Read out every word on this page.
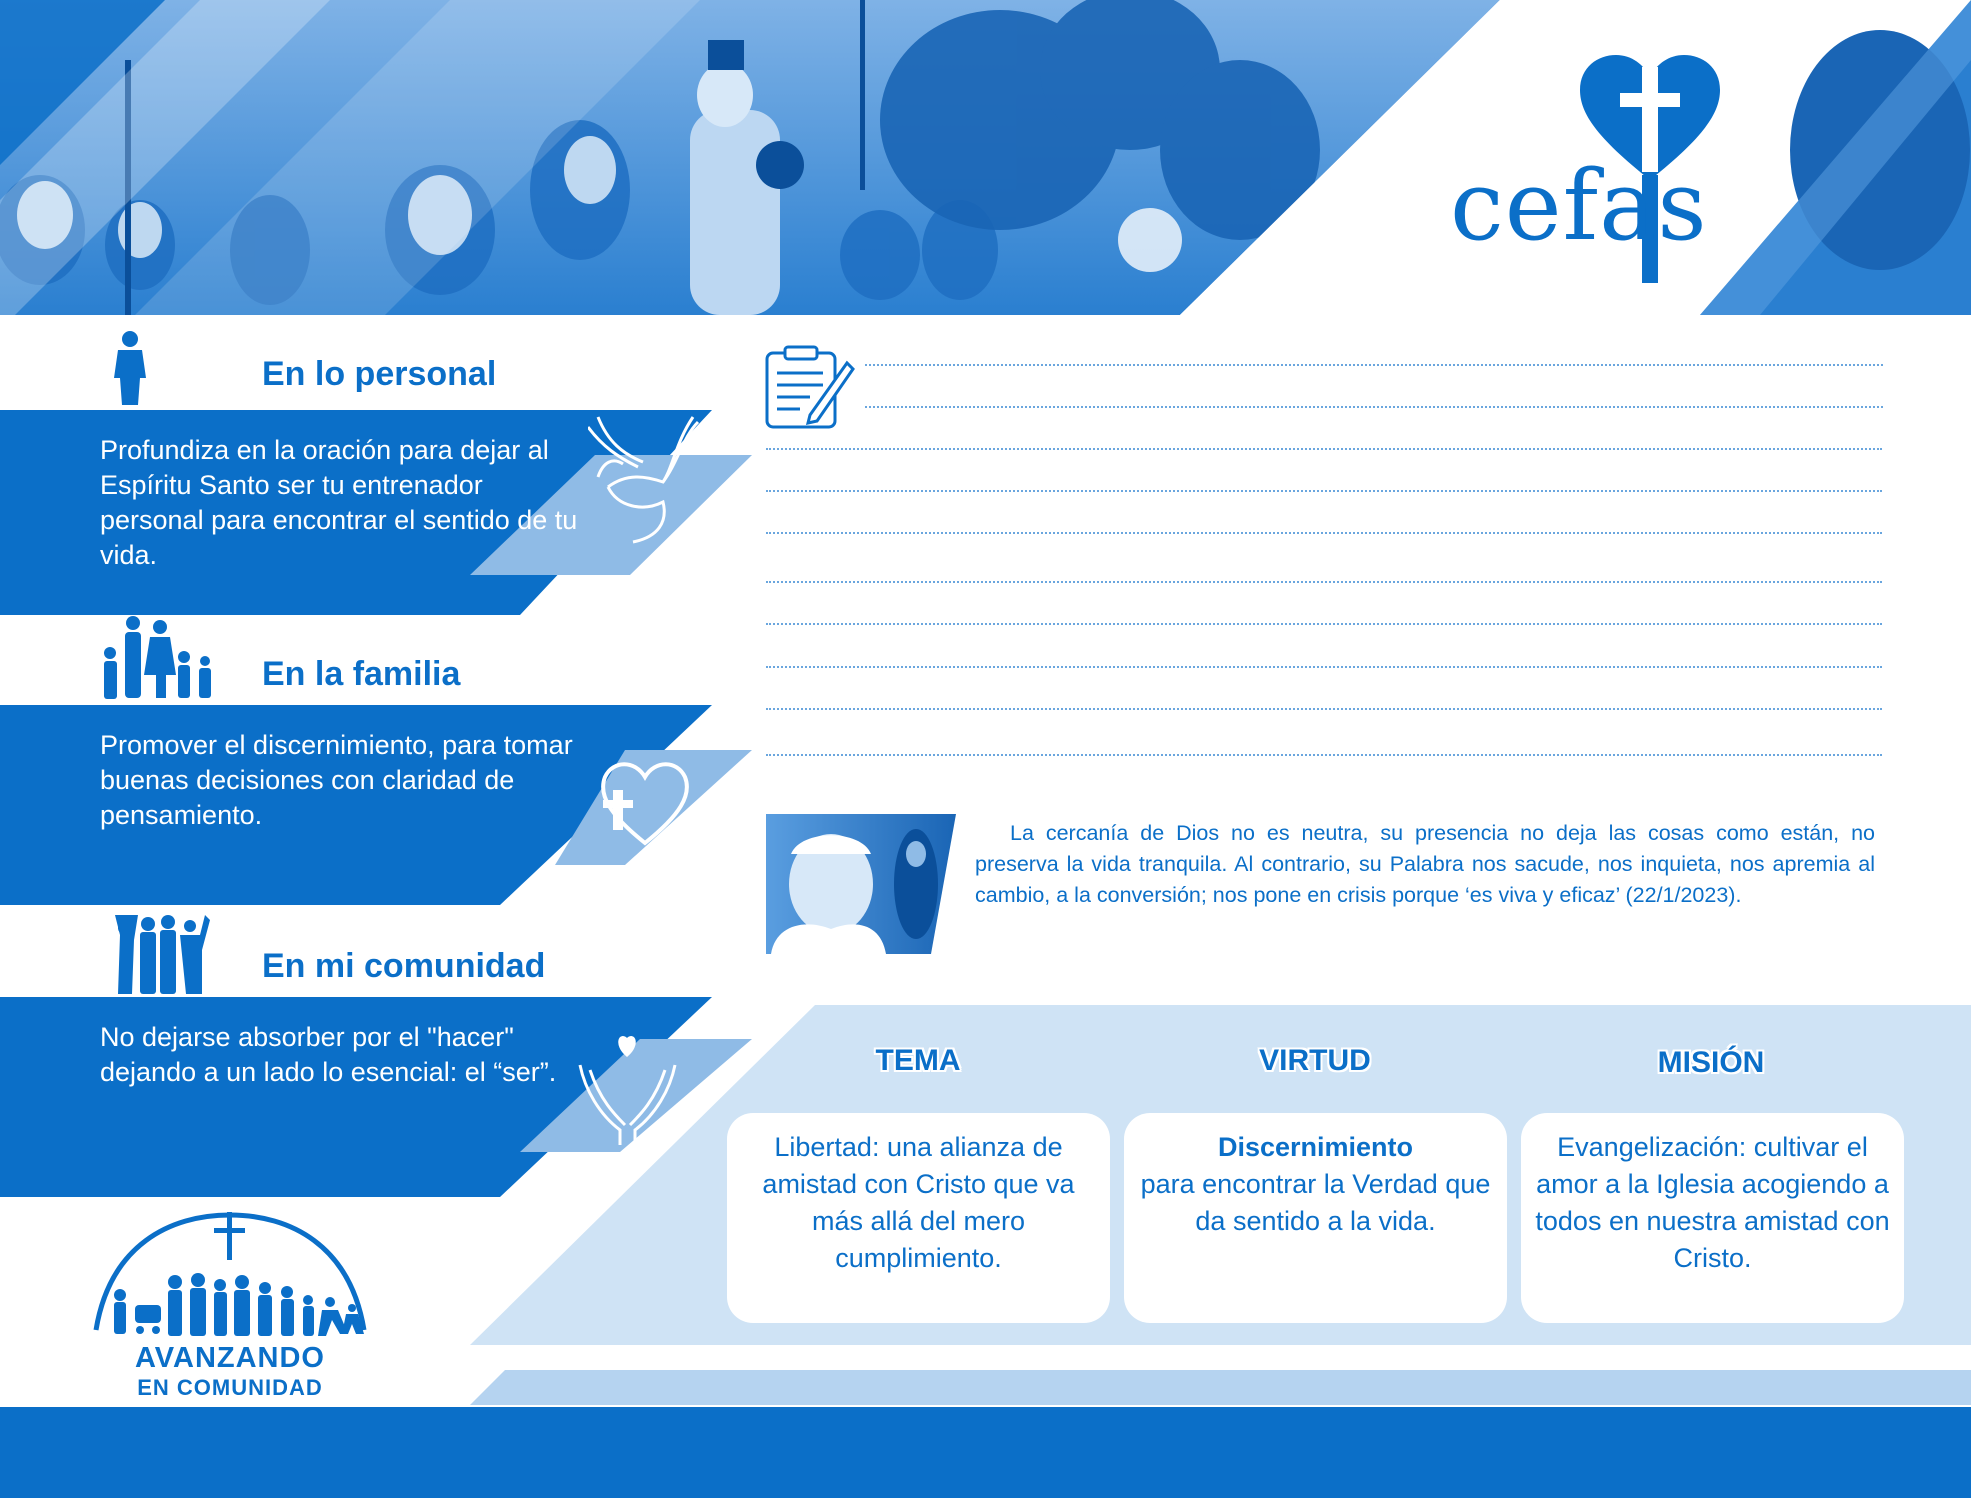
cefas
En lo personal
Profundiza en la oración para dejar al Espíritu Santo ser tu entrenador personal para encontrar el sentido de tu vida.
En la familia
Promover el discernimiento, para tomar buenas decisiones con claridad de pensamiento.
En mi comunidad
No dejarse absorber por el "hacer" dejando a un lado lo esencial: el “ser”.
La cercanía de Dios no es neutra, su presencia no deja las cosas como están, no preserva la vida tranquila. Al contrario, su Palabra nos sacude, nos inquieta, nos apremia al cambio, a la conversión; nos pone en crisis porque ‘es viva y eficaz’ (22/1/2023).
TEMA	VIRTUD	MISIÓN
Libertad: una alianza de amistad con Cristo que va más allá del mero cumplimiento.
Discernimiento
para encontrar la Verdad que da sentido a la vida.
Evangelización: cultivar el amor a la Iglesia acogiendo a todos en nuestra amistad con Cristo.
AVANZANDO
EN COMUNIDAD
